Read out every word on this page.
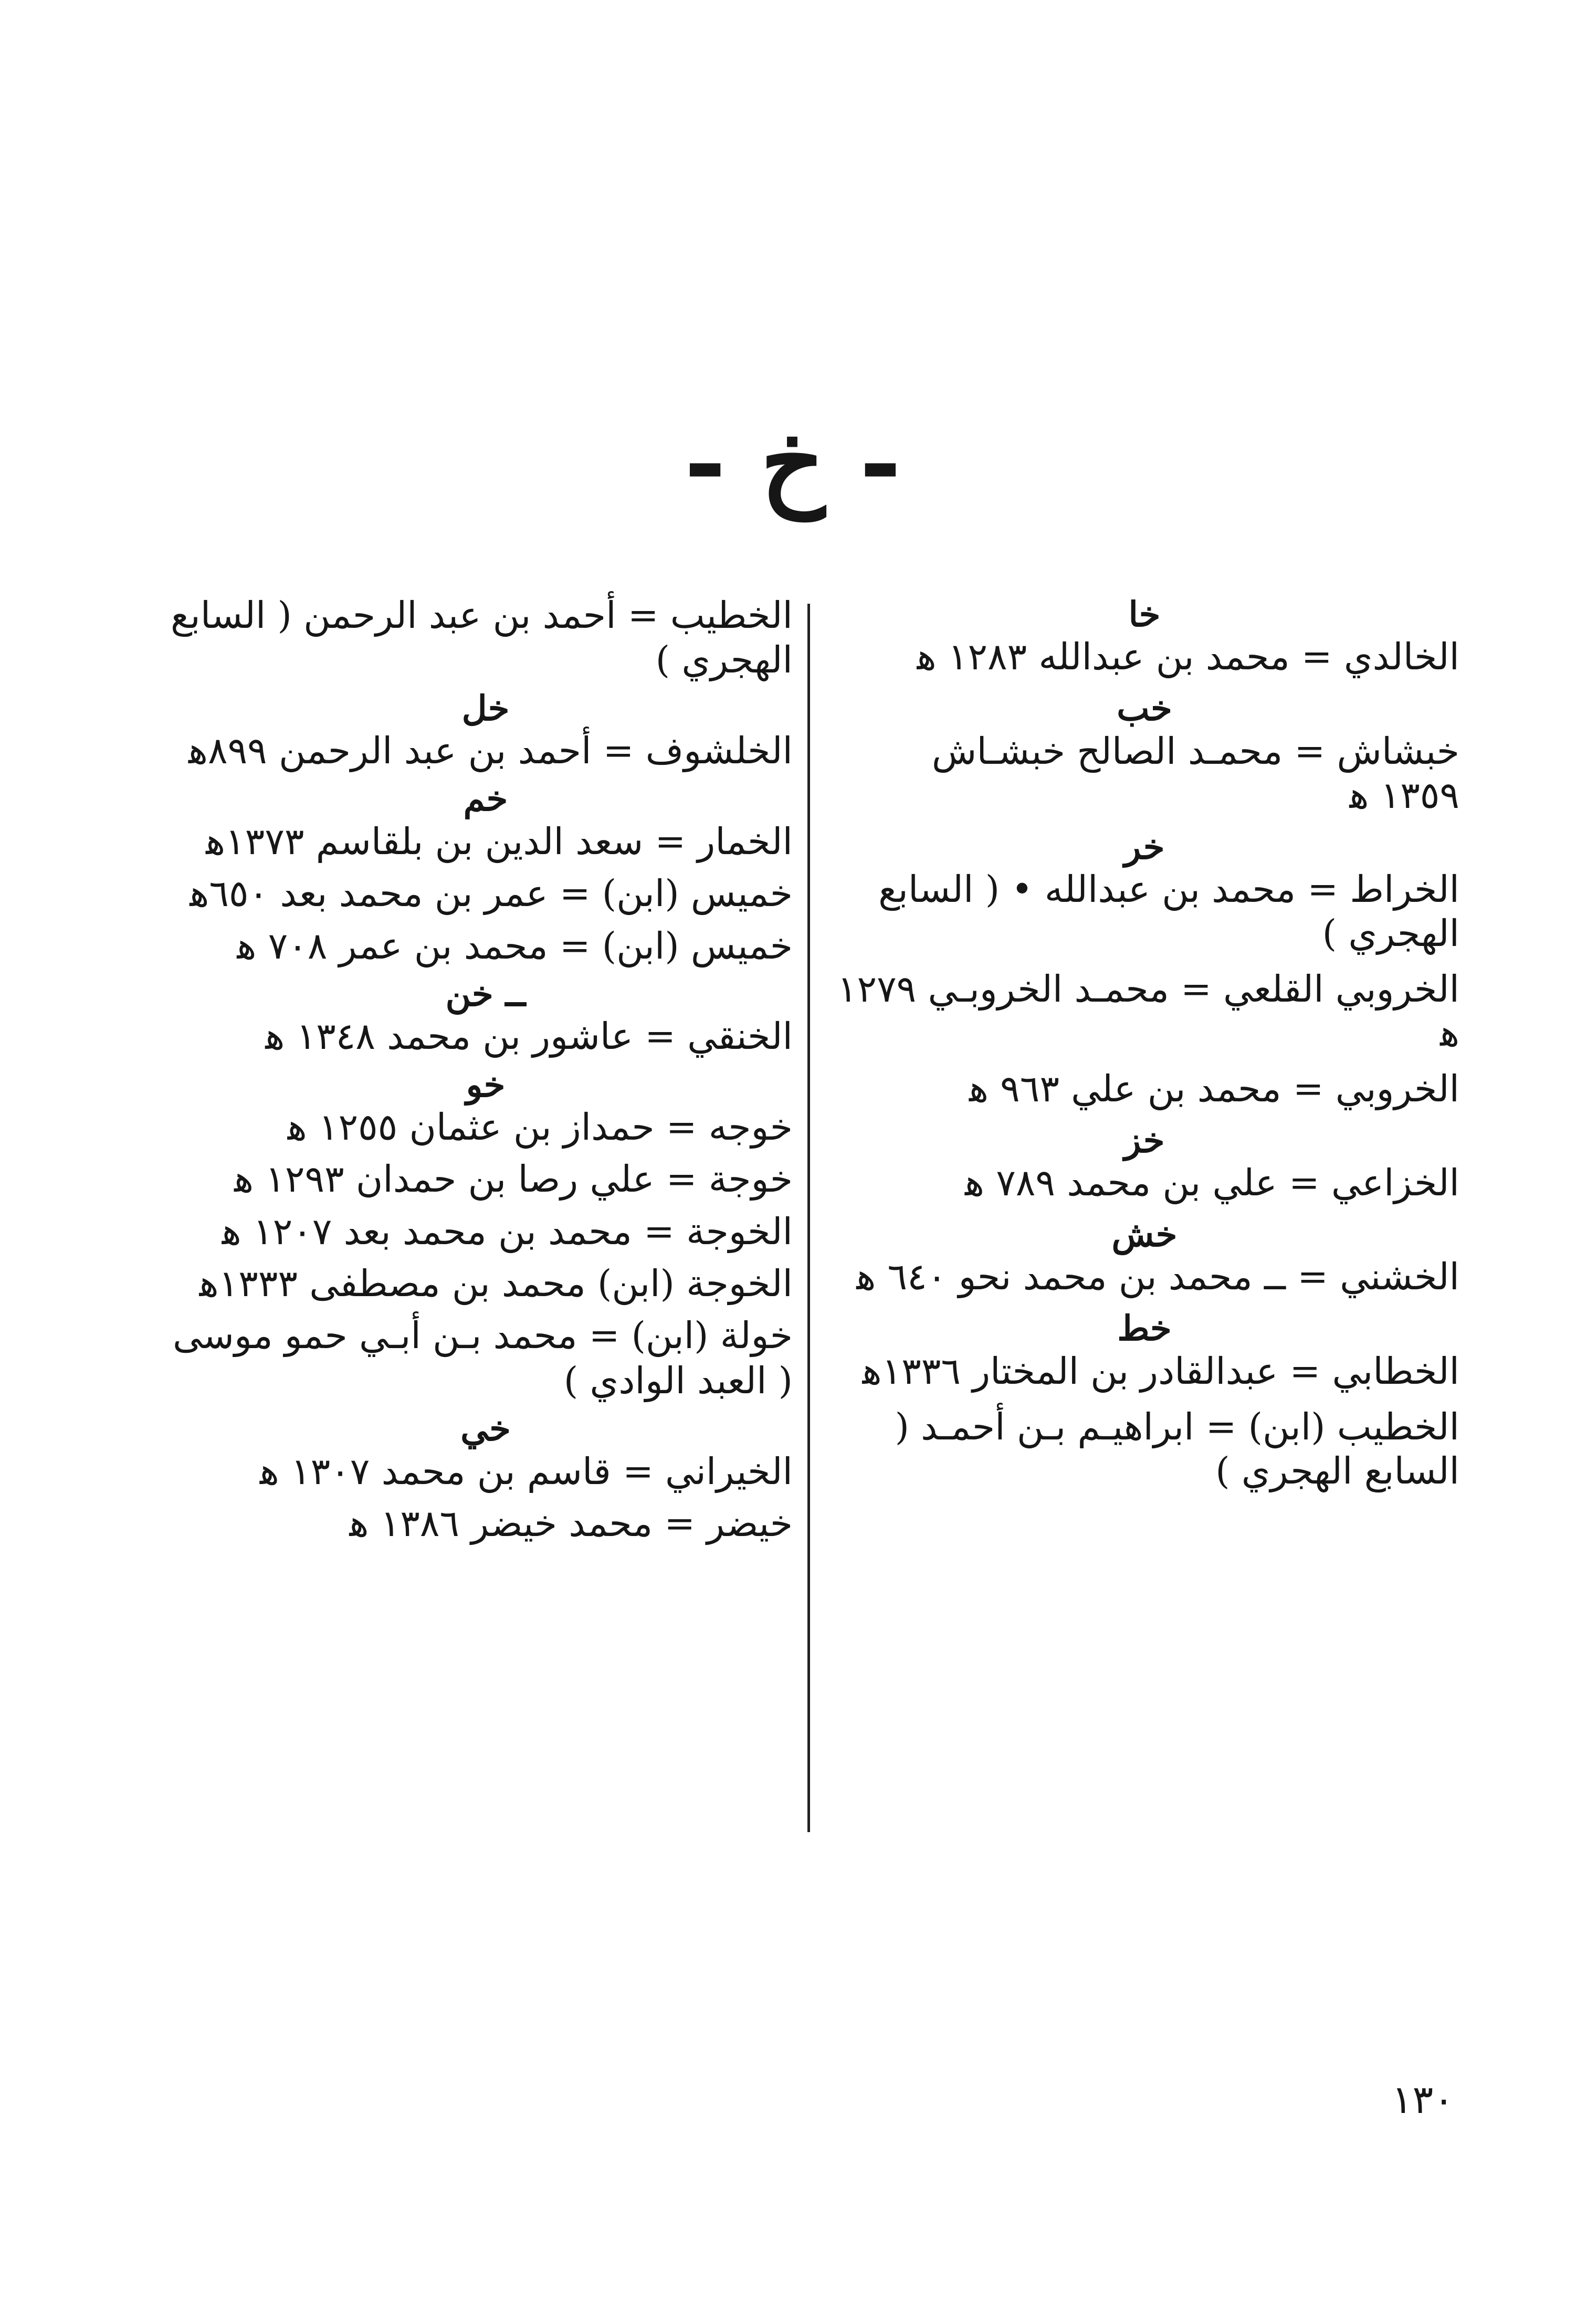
- خ -
خا
الخالدي = محمد بن عبدالله ١٢٨٣ ﻫ
خب
خبشاش = محمـد الصالح خبشـاش ١٣٥٩ ﻫ
خر
الخراط = محمد بن عبدالله • ( السابع الهجري )
الخروبي القلعي = محمـد الخروبـي ١٢٧٩ ﻫ
الخروبي = محمد بن علي ٩٦٣ ﻫ
خز
الخزاعي = علي بن محمد ٧٨٩ ﻫ
خش
الخشني = ــ محمد بن محمد نحو ٦٤٠ ﻫ
خط
الخطابي = عبدالقادر بن المختار ١٣٣٦ﻫ
الخطيب (ابن) = ابراهيـم بـن أحمـد ( السابع الهجري )
الخطيب = أحمد بن عبد الرحمن ( السابع الهجري )
خل
الخلشوف = أحمد بن عبد الرحمن ٨٩٩ﻫ
خم
الخمار = سعد الدين بن بلقاسم ١٣٧٣ﻫ
خميس (ابن) = عمر بن محمد بعد ٦٥٠ﻫ
خميس (ابن) = محمد بن عمر ٧٠٨ ﻫ
ــ خن
الخنقي = عاشور بن محمد ١٣٤٨ ﻫ
خو
خوجه = حمداز بن عثمان ١٢٥٥ ﻫ
خوجة = علي رصا بن حمدان ١٢٩٣ ﻫ
الخوجة = محمد بن محمد بعد ١٢٠٧ ﻫ
الخوجة (ابن) محمد بن مصطفى ١٣٣٣ﻫ
خولة (ابن) = محمد بـن أبـي حمو موسى ( العبد الوادي )
خي
الخيراني = قاسم بن محمد ١٣٠٧ ﻫ
خيضر = محمد خيضر ١٣٨٦ ﻫ
١٣٠
